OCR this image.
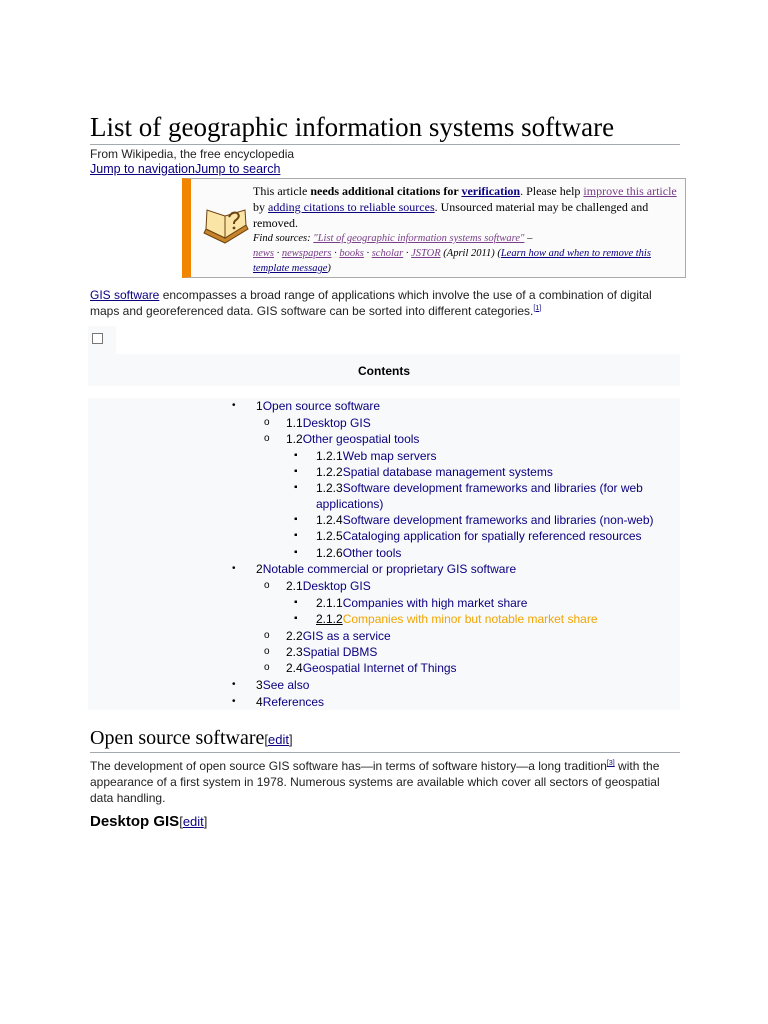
List of geographic information systems software
From Wikipedia, the free encyclopedia
Jump to navigationJump to search
This article needs additional citations for verification. Please help improve this article by adding citations to reliable sources. Unsourced material may be challenged and removed.
Find sources: "List of geographic information systems software" –
news · newspapers · books · scholar · JSTOR (April 2011) (Learn how and when to remove this template message)
GIS software encompasses a broad range of applications which involve the use of a combination of digital maps and georeferenced data. GIS software can be sorted into different categories.[1]
Contents
1Open source software
•
1.1Desktop GIS
o
1.2Other geospatial tools
o
1.2.1Web map servers
▪
1.2.2Spatial database management systems
▪
1.2.3Software development frameworks and libraries (for web
▪
applications)
1.2.4Software development frameworks and libraries (non-web)
▪
1.2.5Cataloging application for spatially referenced resources
▪
1.2.6Other tools
▪
2Notable commercial or proprietary GIS software
•
2.1Desktop GIS
o
2.1.1Companies with high market share
▪
2.1.2Companies with minor but notable market share
▪
2.2GIS as a service
o
2.3Spatial DBMS
o
2.4Geospatial Internet of Things
o
3See also
•
4References
•
Open source software[edit]
The development of open source GIS software has—in terms of software history—a long tradition[3] with the appearance of a first system in 1978. Numerous systems are available which cover all sectors of geospatial data handling.
Desktop GIS[edit]
